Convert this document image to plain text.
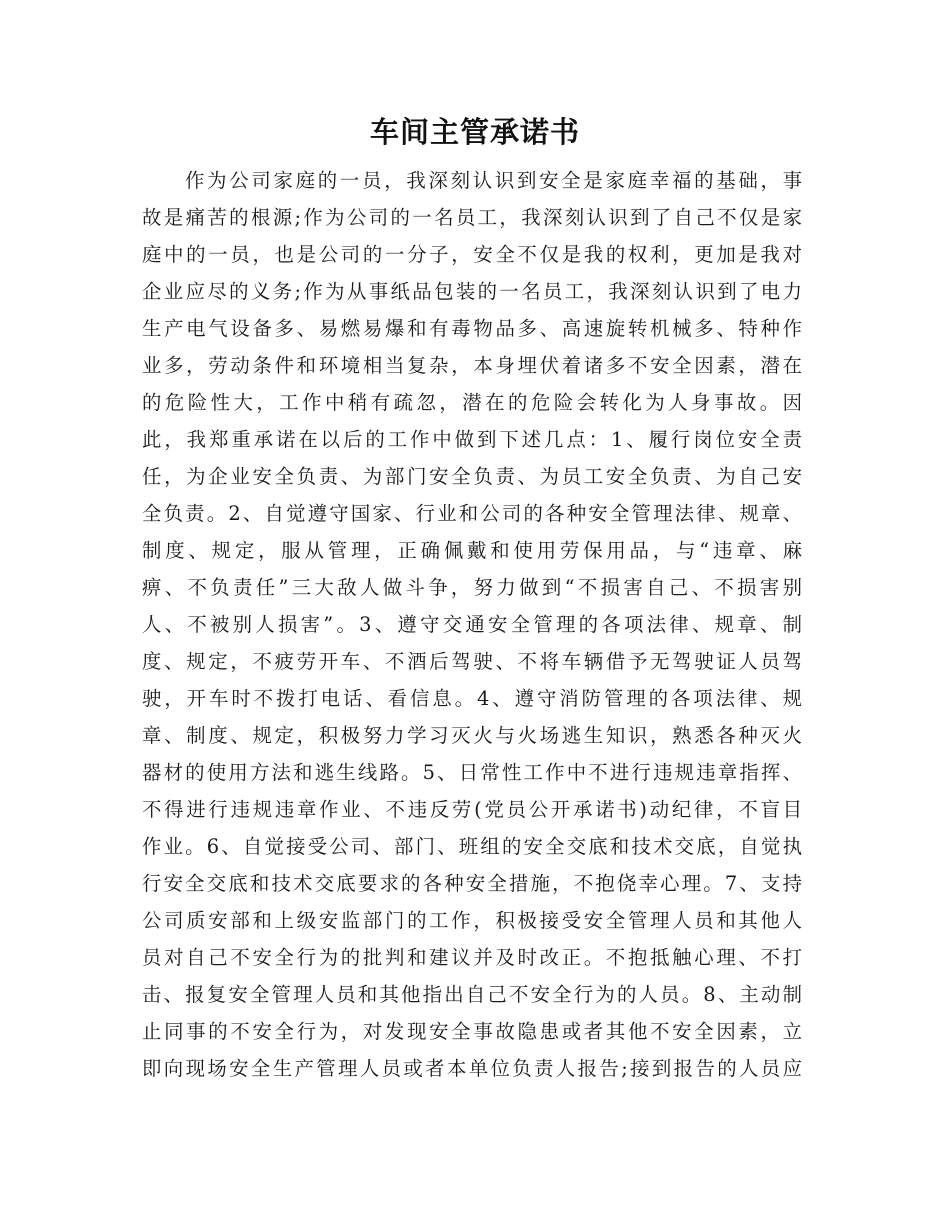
车间主管承诺书
作为公司家庭的一员，我深刻认识到安全是家庭幸福的基础，事
故是痛苦的根源;作为公司的一名员工，我深刻认识到了自己不仅是家
庭中的一员，也是公司的一分子，安全不仅是我的权利，更加是我对
企业应尽的义务;作为从事纸品包装的一名员工，我深刻认识到了电力
生产电气设备多、易燃易爆和有毒物品多、高速旋转机械多、特种作
业多，劳动条件和环境相当复杂，本身埋伏着诸多不安全因素，潜在
的危险性大，工作中稍有疏忽，潜在的危险会转化为人身事故。因
此，我郑重承诺在以后的工作中做到下述几点：1、履行岗位安全责
任，为企业安全负责、为部门安全负责、为员工安全负责、为自己安
全负责。2、自觉遵守国家、行业和公司的各种安全管理法律、规章、
制度、规定，服从管理，正确佩戴和使用劳保用品，与“违章、麻
痹、不负责任”三大敌人做斗争，努力做到“不损害自己、不损害别
人、不被别人损害”。3、遵守交通安全管理的各项法律、规章、制
度、规定，不疲劳开车、不酒后驾驶、不将车辆借予无驾驶证人员驾
驶，开车时不拨打电话、看信息。4、遵守消防管理的各项法律、规
章、制度、规定，积极努力学习灭火与火场逃生知识，熟悉各种灭火
器材的使用方法和逃生线路。5、日常性工作中不进行违规违章指挥、
不得进行违规违章作业、不违反劳(党员公开承诺书)动纪律，不盲目
作业。6、自觉接受公司、部门、班组的安全交底和技术交底，自觉执
行安全交底和技术交底要求的各种安全措施，不抱侥幸心理。7、支持
公司质安部和上级安监部门的工作，积极接受安全管理人员和其他人
员对自己不安全行为的批判和建议并及时改正。不抱抵触心理、不打
击、报复安全管理人员和其他指出自己不安全行为的人员。8、主动制
止同事的不安全行为，对发现安全事故隐患或者其他不安全因素，立
即向现场安全生产管理人员或者本单位负责人报告;接到报告的人员应
